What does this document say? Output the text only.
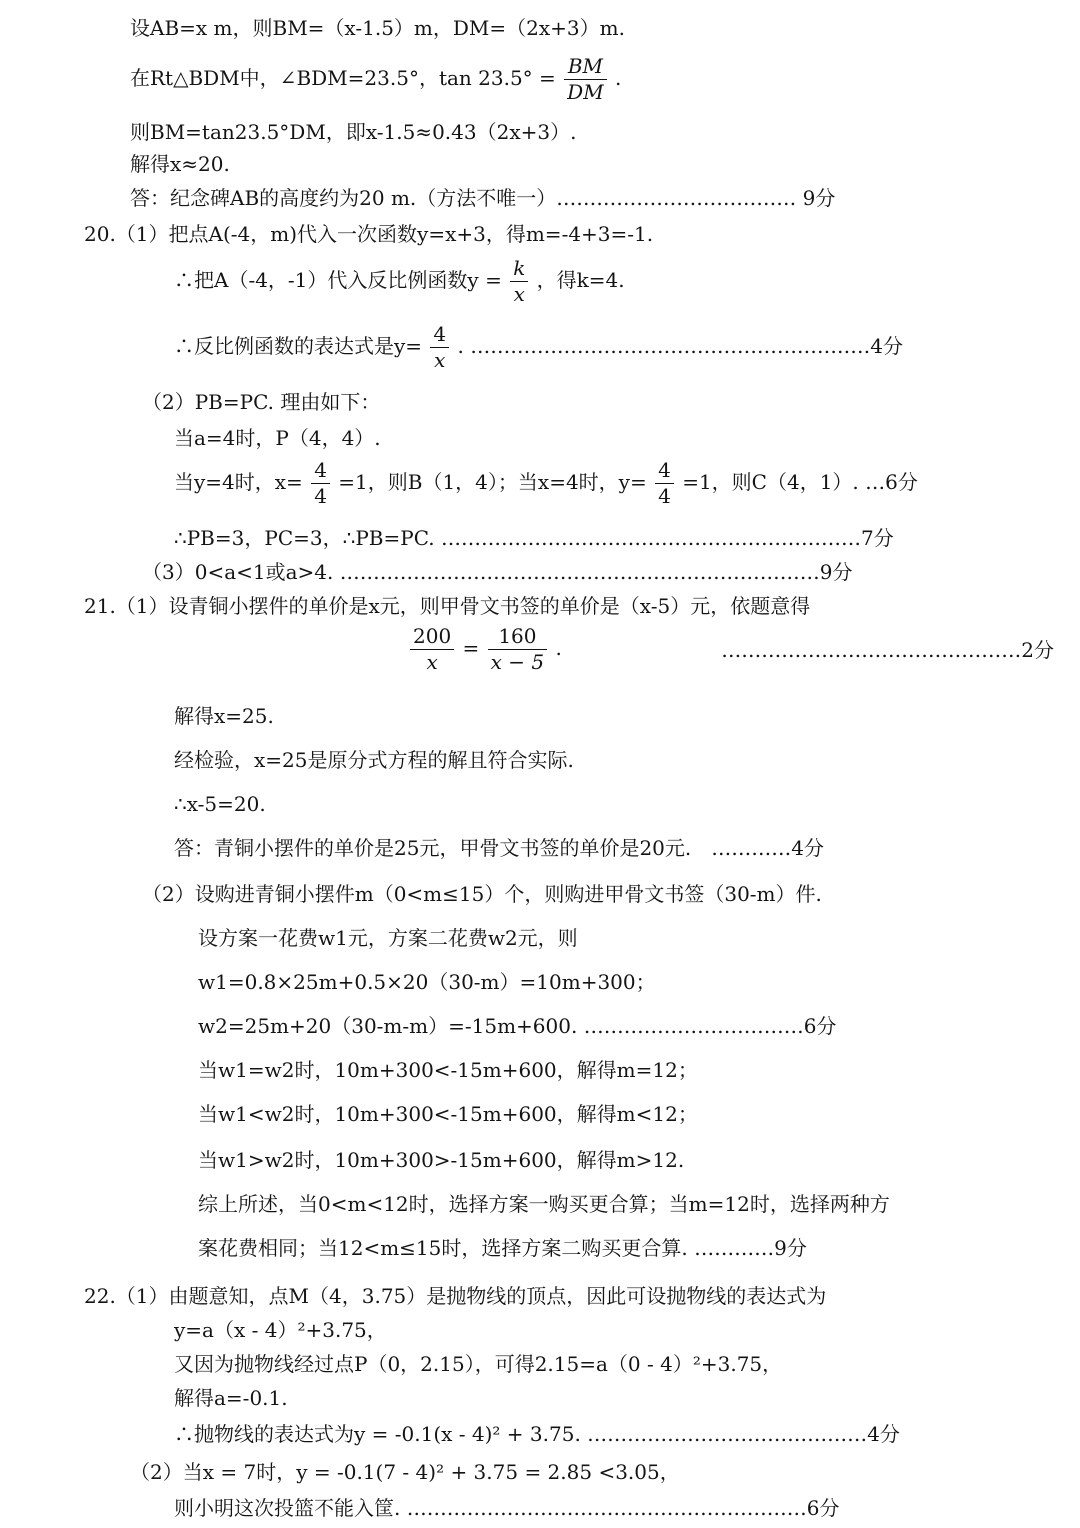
设AB=x m，则BM=（x-1.5）m，DM=（2x+3）m.
在Rt△BDM中，∠BDM=23.5°，$\tan 23.5^\circ = \frac{BM}{DM}$ .
则BM=tan23.5°DM，即x-1.5≈0.43（2x+3）.
解得x≈20.
答：纪念碑AB的高度约为20 m.（方法不唯一）……………………………… 9分
20.（1）把点A(-4，m)代入一次函数y=x+3，得m=-4+3=-1.
∴把A（-4，-1）代入反比例函数$y = \frac{k}{x}$ ，得k=4.
∴反比例函数的表达式是$y= \frac{4}{x}$ . ……………………………………………………4分
（2）PB=PC. 理由如下：
当a=4时，P（4，4）.
当y=4时，$x= \frac{4}{4} =1$，则B（1，4）；当x=4时，$y= \frac{4}{4} =1$，则C（4，1）. …6分
∴PB=3，PC=3，∴PB=PC. ………………………………………………………7分
（3）0<a<1或a>4. ………………………………………………………………9分
21.（1）设青铜小摆件的单价是x元，则甲骨文书签的单价是（x-5）元，依题意得
$\frac{200}{x} = \frac{160}{x - 5}$ .	………………………………………2分
解得x=25.
经检验，x=25是原分式方程的解且符合实际.
∴x-5=20.
答：青铜小摆件的单价是25元，甲骨文书签的单价是20元.　…………4分
（2）设购进青铜小摆件m（0<m≤15）个，则购进甲骨文书签（30-m）件.
设方案一花费w1元，方案二花费w2元，则
w1=0.8×25m+0.5×20（30-m）=10m+300；
w2=25m+20（30-m-m）=-15m+600. ……………………………6分
当w1=w2时，10m+300<-15m+600，解得m=12；
当w1<w2时，10m+300<-15m+600，解得m<12；
当w1>w2时，10m+300>-15m+600，解得m>12.
综上所述，当0<m<12时，选择方案一购买更合算；当m=12时，选择两种方
案花费相同；当12<m≤15时，选择方案二购买更合算. …………9分
22.（1）由题意知，点M（4，3.75）是抛物线的顶点，因此可设抛物线的表达式为
y=a（x - 4）²+3.75，
又因为抛物线经过点P（0，2.15），可得2.15=a（0 - 4）²+3.75，
解得a=-0.1.
∴抛物线的表达式为y = -0.1(x - 4)² + 3.75. ……………………………………4分
（2）当x = 7时，y = -0.1(7 - 4)² + 3.75 = 2.85 <3.05，
则小明这次投篮不能入筐. ……………………………………………………6分
